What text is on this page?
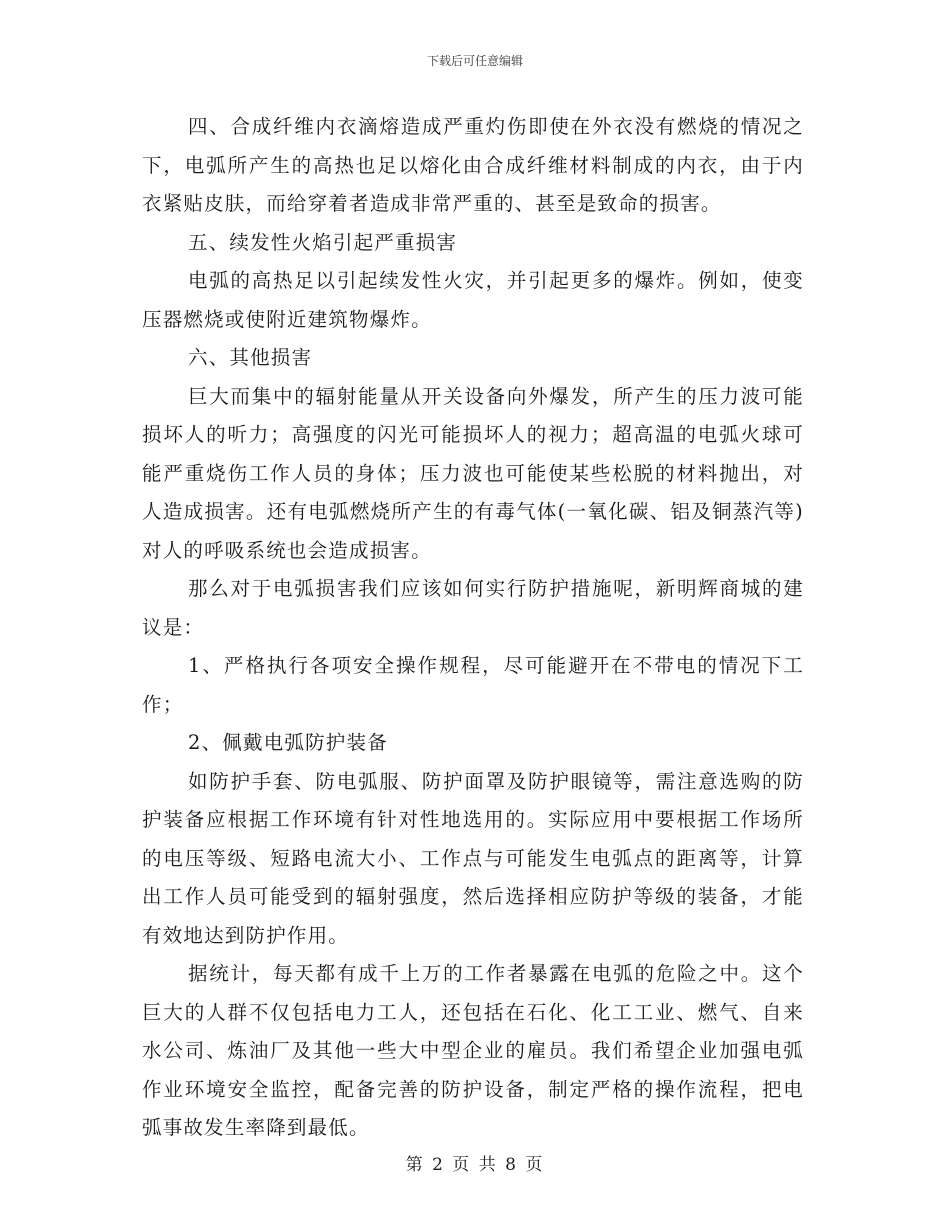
下载后可任意编辑

四、合成纤维内衣滴熔造成严重灼伤即使在外衣没有燃烧的情况之下，电弧所产生的高热也足以熔化由合成纤维材料制成的内衣，由于内衣紧贴皮肤，而给穿着者造成非常严重的、甚至是致命的损害。

五、续发性火焰引起严重损害

电弧的高热足以引起续发性火灾，并引起更多的爆炸。例如，使变压器燃烧或使附近建筑物爆炸。

六、其他损害

巨大而集中的辐射能量从开关设备向外爆发，所产生的压力波可能损坏人的听力；高强度的闪光可能损坏人的视力；超高温的电弧火球可能严重烧伤工作人员的身体；压力波也可能使某些松脱的材料抛出，对人造成损害。还有电弧燃烧所产生的有毒气体(一氧化碳、铝及铜蒸汽等)对人的呼吸系统也会造成损害。

那么对于电弧损害我们应该如何实行防护措施呢，新明辉商城的建议是：

1、严格执行各项安全操作规程，尽可能避开在不带电的情况下工作；

2、佩戴电弧防护装备

如防护手套、防电弧服、防护面罩及防护眼镜等，需注意选购的防护装备应根据工作环境有针对性地选用的。实际应用中要根据工作场所的电压等级、短路电流大小、工作点与可能发生电弧点的距离等，计算出工作人员可能受到的辐射强度，然后选择相应防护等级的装备，才能有效地达到防护作用。

据统计，每天都有成千上万的工作者暴露在电弧的危险之中。这个巨大的人群不仅包括电力工人，还包括在石化、化工工业、燃气、自来水公司、炼油厂及其他一些大中型企业的雇员。我们希望企业加强电弧作业环境安全监控，配备完善的防护设备，制定严格的操作流程，把电弧事故发生率降到最低。

第 2 页 共 8 页
